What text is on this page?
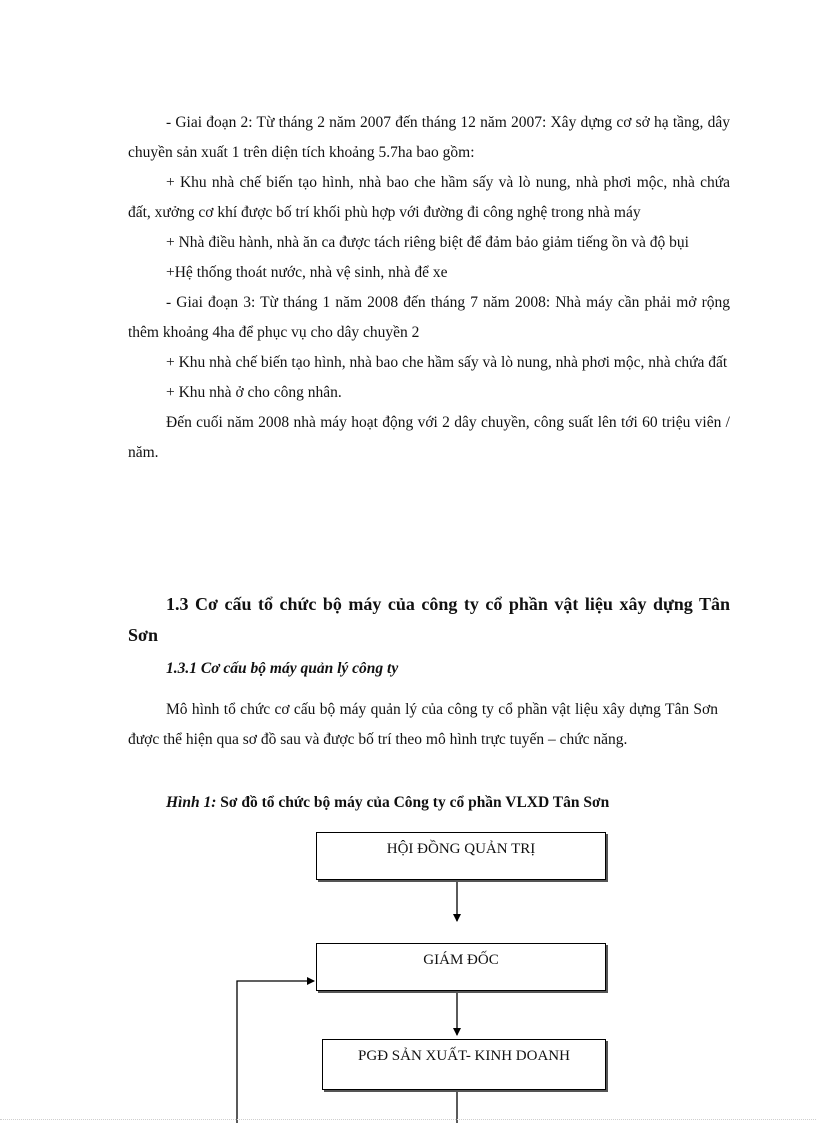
- Giai đoạn 2: Từ tháng 2 năm 2007 đến tháng 12 năm 2007: Xây dựng cơ sở hạ tầng, dây chuyền sản xuất 1 trên diện tích khoảng 5.7ha bao gồm:

+ Khu nhà chế biến tạo hình, nhà bao che hầm sấy và lò nung, nhà phơi mộc, nhà chứa đất, xưởng cơ khí được bố trí khối phù hợp với đường đi công nghệ trong nhà máy

+ Nhà điều hành, nhà ăn ca được tách riêng biệt để đảm bảo giảm tiếng ồn và độ bụi

+Hệ thống thoát nước, nhà vệ sinh, nhà để xe

- Giai đoạn 3: Từ tháng 1 năm 2008 đến tháng 7 năm 2008: Nhà máy cần phải mở rộng thêm khoảng 4ha để phục vụ cho dây chuyền 2

+ Khu nhà chế biến tạo hình, nhà bao che hầm sấy và lò nung, nhà phơi mộc, nhà chứa đất

+ Khu nhà ở cho công nhân.

Đến cuối năm 2008 nhà máy hoạt động với 2 dây chuyền, công suất lên tới 60 triệu viên / năm.

1.3 Cơ cấu tổ chức bộ máy của công ty cổ phần vật liệu xây dựng Tân Sơn
1.3.1 Cơ cấu bộ máy quản lý công ty

Mô hình tổ chức cơ cấu bộ máy quản lý của công ty cổ phần vật liệu xây dựng Tân Sơn được thể hiện qua sơ đồ sau và được bố trí theo mô hình trực tuyến – chức năng.

Hình 1: Sơ đồ tổ chức bộ máy của Công ty cổ phần VLXD Tân Sơn

HỘI ĐỒNG QUẢN TRỊ
GIÁM ĐỐC
PGĐ SẢN XUẤT- KINH DOANH
